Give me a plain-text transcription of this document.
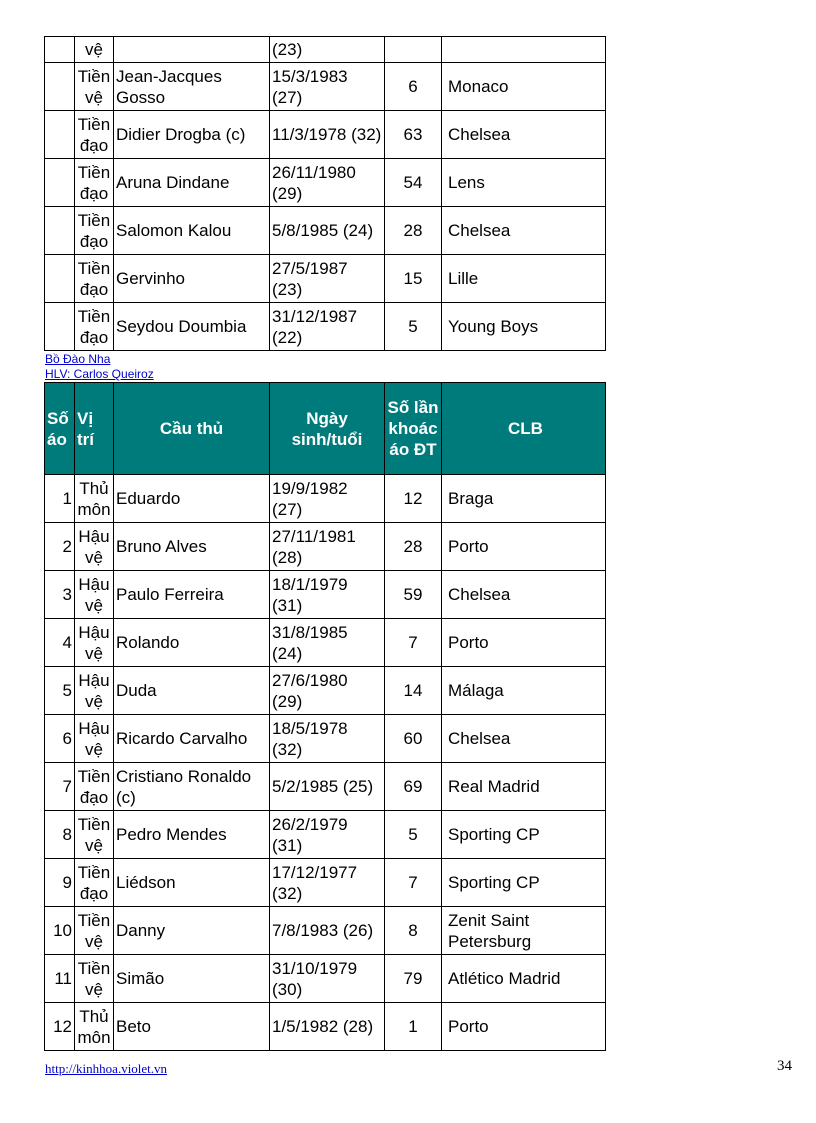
	vệ		(23)		
	Tiền vệ	Jean-Jacques Gosso	15/3/1983 (27)	6	Monaco
	Tiền đạo	Didier Drogba (c)	11/3/1978 (32)	63	Chelsea
	Tiền đạo	Aruna Dindane	26/11/1980 (29)	54	Lens
	Tiền đạo	Salomon Kalou	5/8/1985 (24)	28	Chelsea
	Tiền đạo	Gervinho	27/5/1987 (23)	15	Lille
	Tiền đạo	Seydou Doumbia	31/12/1987 (22)	5	Young Boys
Bồ Đào Nha
HLV: Carlos Queiroz
Số áo	Vị trí	Cầu thủ	Ngày sinh/tuổi	Số lần khoác áo ĐT	CLB
1	Thủ môn	Eduardo	19/9/1982 (27)	12	Braga
2	Hậu vệ	Bruno Alves	27/11/1981 (28)	28	Porto
3	Hậu vệ	Paulo Ferreira	18/1/1979 (31)	59	Chelsea
4	Hậu vệ	Rolando	31/8/1985 (24)	7	Porto
5	Hậu vệ	Duda	27/6/1980 (29)	14	Málaga
6	Hậu vệ	Ricardo Carvalho	18/5/1978 (32)	60	Chelsea
7	Tiền đạo	Cristiano Ronaldo (c)	5/2/1985 (25)	69	Real Madrid
8	Tiền vệ	Pedro Mendes	26/2/1979 (31)	5	Sporting CP
9	Tiền đạo	Liédson	17/12/1977 (32)	7	Sporting CP
10	Tiền vệ	Danny	7/8/1983 (26)	8	Zenit Saint Petersburg
11	Tiền vệ	Simão	31/10/1979 (30)	79	Atlético Madrid
12	Thủ môn	Beto	1/5/1982 (28)	1	Porto
http://kinhhoa.violet.vn	34
